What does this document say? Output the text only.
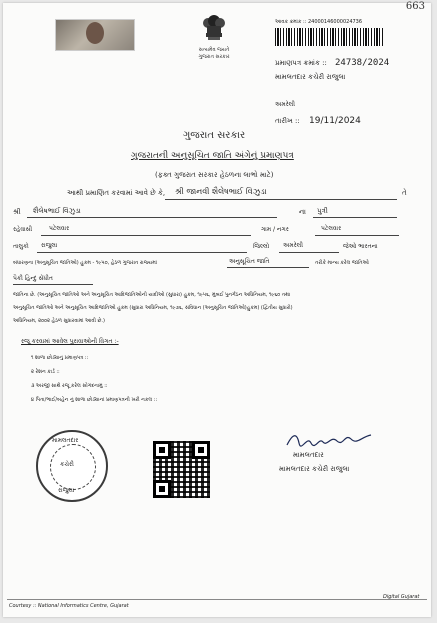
663
સત્યમેવ જયતે
ગુજરાત સરકાર
આવક ક્રમાંક :: 24000146000024736
પ્રમાણપત્ર ક્રમાંક :: 24738/2024
મામલતદાર કચેરી રાજુલા
અમરેલી
તારીખ :: 19/11/2024
ગુજરાત સરકાર
ગુજરાતની અનુસૂચિત જાતિ અંગેનું પ્રમાણપત્ર
(ફક્ત ગુજરાત સરકાર હેઠળના લાભો માટે)
આથી પ્રમાણિત કરવામાં આવે છે કે, શ્રી જાનવી શૈલેષભાઈ વિંઝુડા	તે
શ્રી શૈલેષભાઈ વિંઝુડા	ના પુત્રી
રહેવાસી	પટેલવાર	ગામ / નગર	પટેલવાર
તાલુકો રાજુલા	જિલ્લો અમરેલી	જેઓ ભારતના
બંધારણના (અનુસૂચિત જાતિઓ) હુકમ - ૧૯૫૦, હેઠળ ગુજરાત રાજ્યમાં	અનુસૂચિત જાતિ	તરીકે માન્ય કરેલ જાતિઓ
પૈકી હિન્દુ સેંધીત
જાતિના છે. (અનુસૂચિત જાતિઓ અને અનુસૂચિત આદિજાતિઓની યાદીઓ (સુધારા) હુકમ, ૧૯૫૬, મુંબઈ પુનર્ગઠન અધિનિયમ, ૧૯૬૦ તથા
અનુસૂચિત જાતિઓ અને અનુસૂચિત આદિજાતિઓ હુકમ (સુધારા અધિનિયમ, ૧૯૭૬, સંવિધાન (અનુસૂચિત જાતિઓ)હુકમ) (દ્વિતીય સુધારો)
અધિનિયમ, ૨૦૦૨ હેઠળ સુધારવામાં આવી છે.)
રજૂ કરવામાં આવેલ પુરાવાઓની વિગત :-
૧ શાળા છોડ્યાનું પ્રમાણપત્ર ::
૨ રેશન કાર્ડ ::
૩ અરજી સાથે રજૂ કરેલ સોગંદનામું ::
૪ પિતા/ભાઈ/બહેન નું શાળા છોડ્યાનાં પ્રમાણપત્રની ખરી નકલ ::
મામલતદાર
કચેરી
રાજુલા
મામલતદાર
મામલતદાર કચેરી રાજુલા
Courtesy :: National Informatics Centre, Gujarat
Digital Gujarat
